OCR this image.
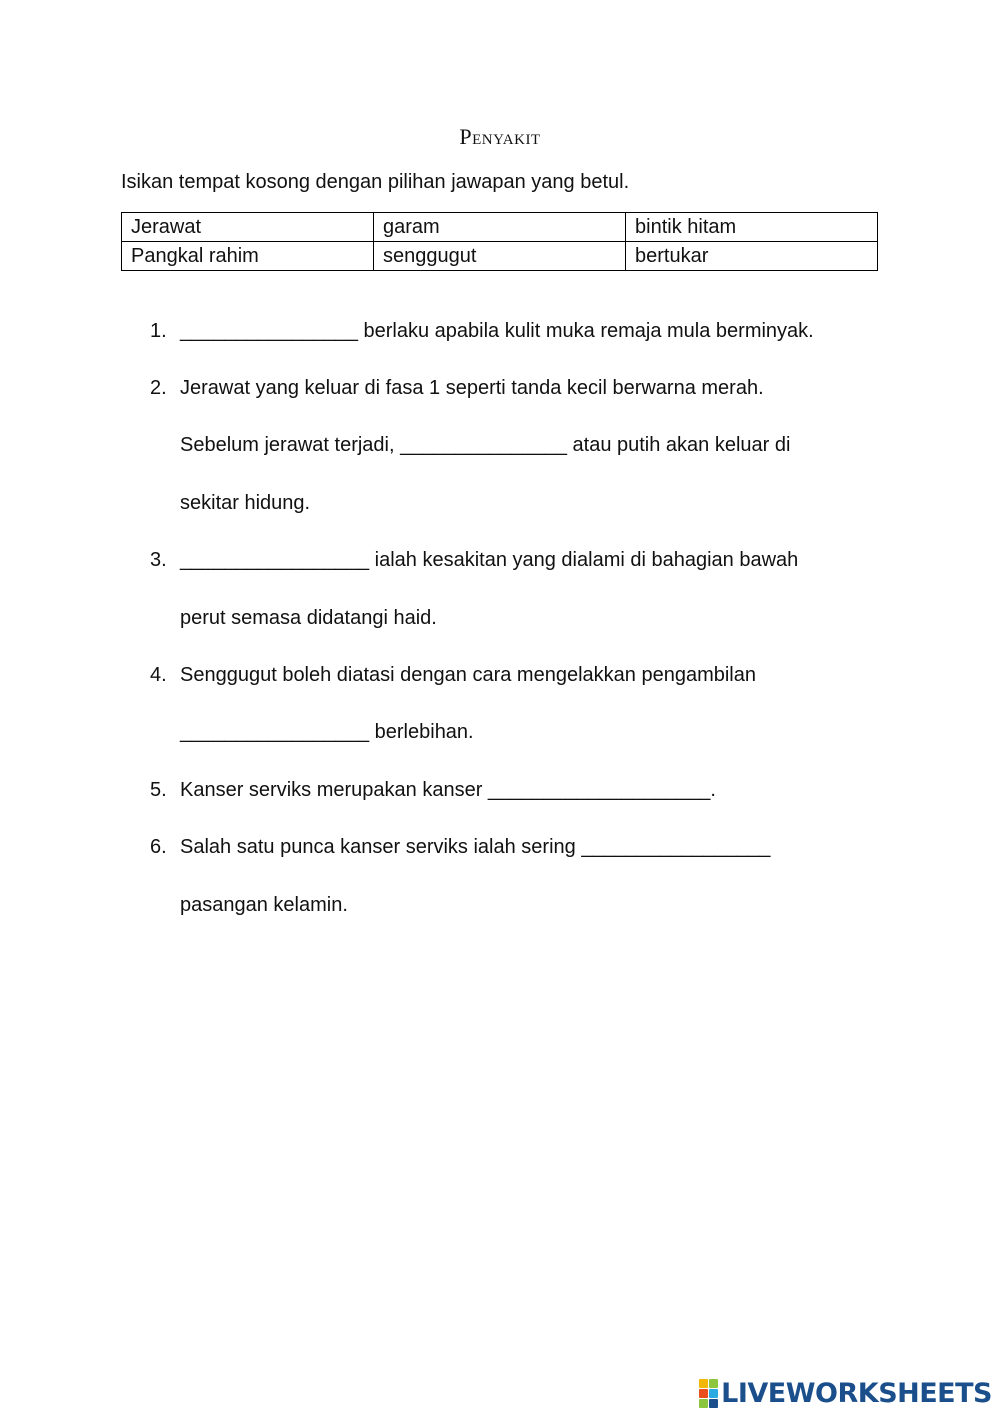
Penyakit
Isikan tempat kosong dengan pilihan jawapan yang betul.
Jerawat	garam	bintik hitam
Pangkal rahim	senggugut	bertukar
1. ________________ berlaku apabila kulit muka remaja mula berminyak.
2. Jerawat yang keluar di fasa 1 seperti tanda kecil berwarna merah.
Sebelum jerawat terjadi, _______________ atau putih akan keluar di
sekitar hidung.
3. _________________ ialah kesakitan yang dialami di bahagian bawah
perut semasa didatangi haid.
4. Senggugut boleh diatasi dengan cara mengelakkan pengambilan
_________________ berlebihan.
5. Kanser serviks merupakan kanser ____________________.
6. Salah satu punca kanser serviks ialah sering _________________
pasangan kelamin.
LIVEWORKSHEETS
